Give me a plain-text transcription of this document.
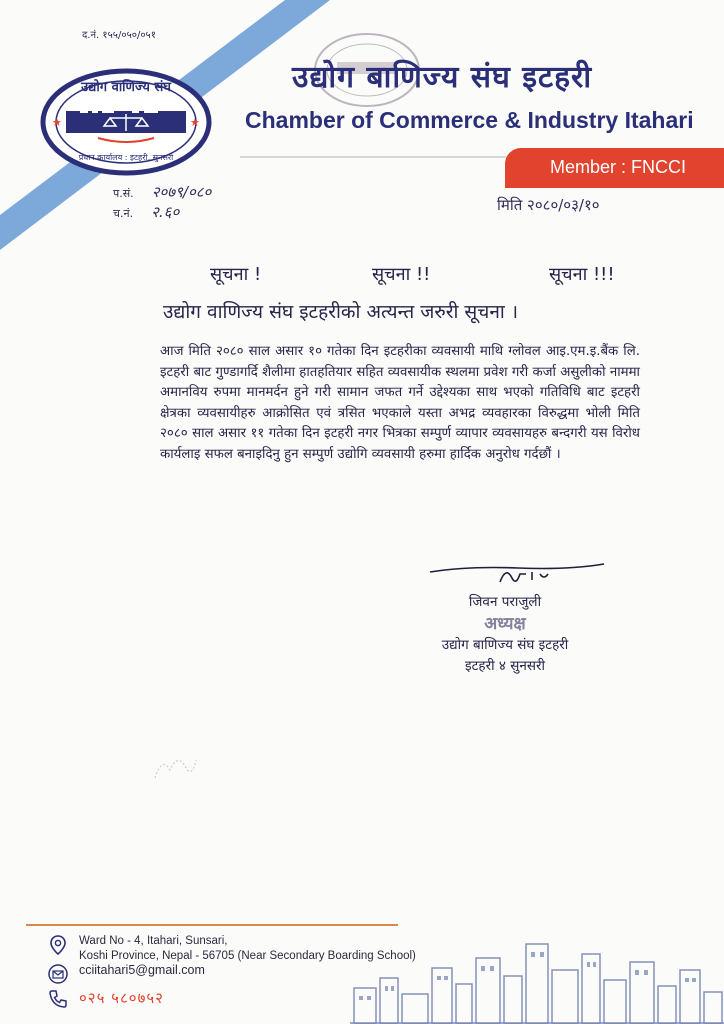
द.नं. १५५/०५०/०५१
उद्योग वाणिज्य संघ
प्रधान कार्यालय : इटहरी, सुनसरी
★	★
उद्योग बाणिज्य संघ इटहरी
Chamber of Commerce & Industry Itahari
Member : FNCCI
प.सं. २०७९/०८०
च.नं. २.६०	मिति २०८०/०३/१०
सूचना !	सूचना !!	सूचना !!!
उद्योग वाणिज्य संघ इटहरीको अत्यन्त जरुरी सूचना ।
आज मिति २०८० साल असार १० गतेका दिन इटहरीका व्यवसायी माथि ग्लोवल आइ.एम.इ.बैंक लि. इटहरी बाट गुण्डागर्दि शैलीमा हातहतियार सहित व्यवसायीक स्थलमा प्रवेश गरी कर्जा असुलीको नाममा अमानविय रुपमा मानमर्दन हुने गरी सामान जफत गर्ने उद्देश्यका साथ भएको गतिविधि बाट इटहरी क्षेत्रका व्यवसायीहरु आक्रोसित एवं त्रसित भएकाले यस्ता अभद्र व्यवहारका विरुद्धमा भोली मिति २०८० साल असार ११ गतेका दिन इटहरी नगर भित्रका सम्पुर्ण व्यापार व्यवसायहरु बन्दगरी यस विरोध कार्यलाइ सफल बनाइदिनु हुन सम्पुर्ण उद्योगि व्यवसायी हरुमा हार्दिक अनुरोध गर्दछौं ।
जिवन पराजुली
अध्यक्ष
उद्योग बाणिज्य संघ इटहरी
इटहरी ४ सुनसरी
Ward No - 4, Itahari, Sunsari,
Koshi Province, Nepal - 56705 (Near Secondary Boarding School)
cciitahari5@gmail.com
०२५ ५८०७५२
